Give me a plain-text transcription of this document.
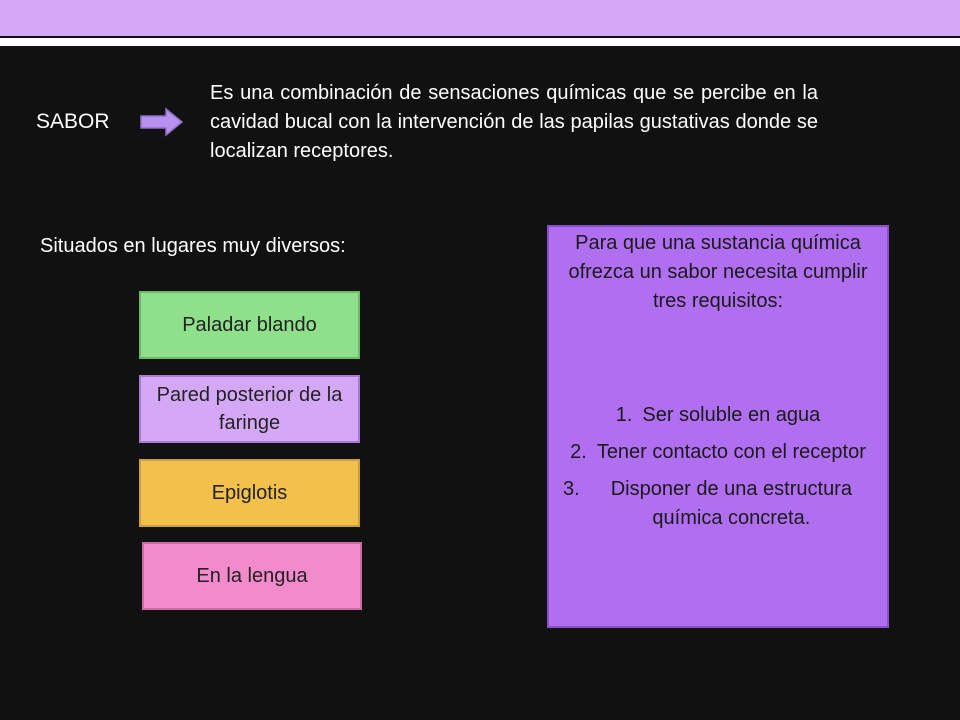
SABOR
Es una combinación de sensaciones químicas que se percibe en la cavidad bucal con la intervención de las papilas gustativas donde se localizan receptores.
Situados en lugares muy diversos:
Paladar blando
Pared posterior de la faringe
Epiglotis
En la lengua

Para que una sustancia química ofrezca un sabor necesita cumplir tres requisitos:

1. Ser soluble en agua
2. Tener contacto con el receptor
3.	Disponer de una estructura química concreta.
